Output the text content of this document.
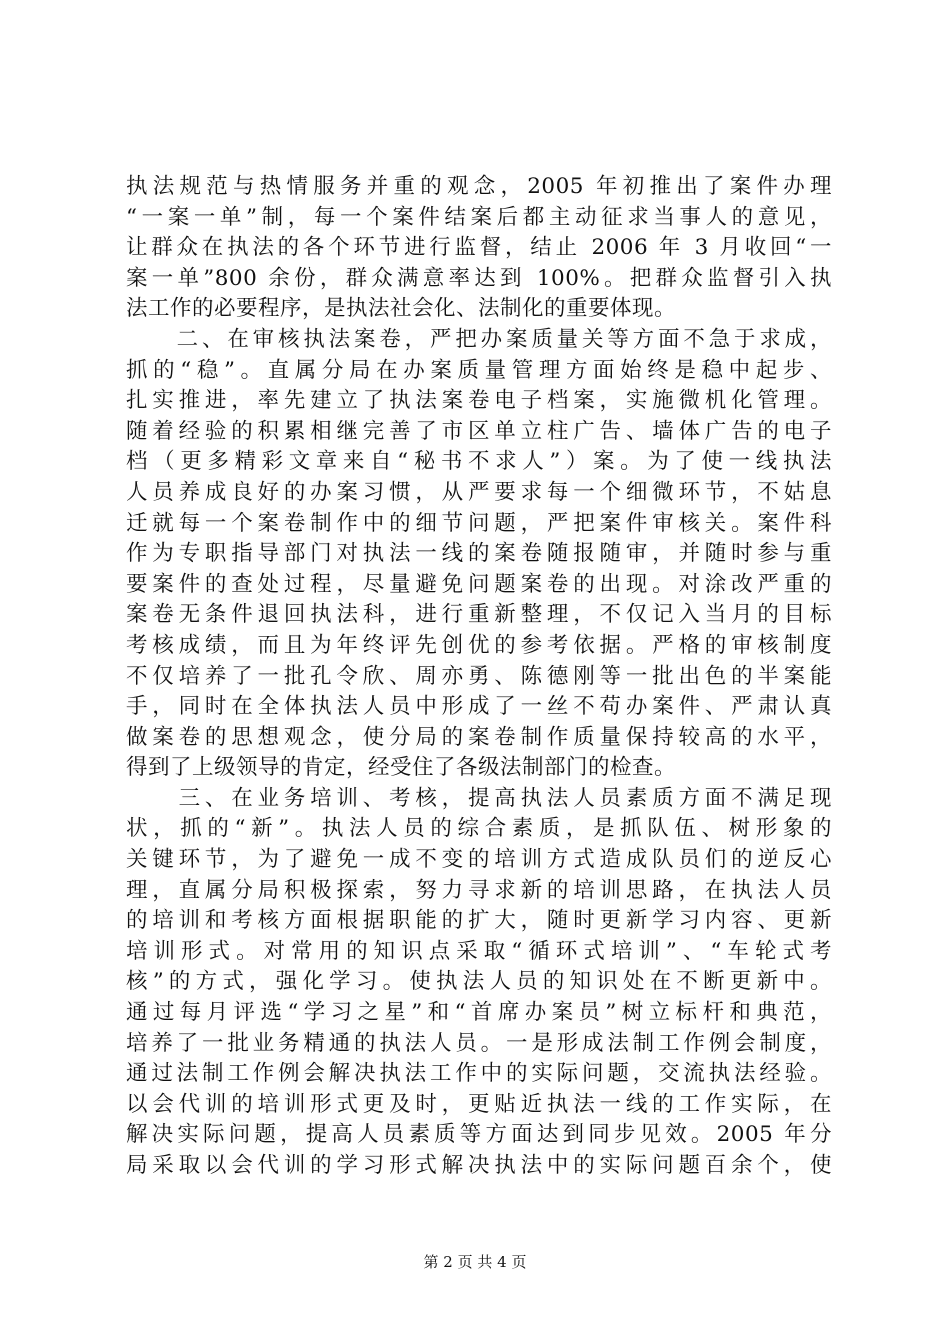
执法规范与热情服务并重的观念，2005 年初推出了案件办理
“一案一单”制，每一个案件结案后都主动征求当事人的意见，
让群众在执法的各个环节进行监督，结止 2006 年 3 月收回“一
案一单”800 余份，群众满意率达到 100%。把群众监督引入执
法工作的必要程序，是执法社会化、法制化的重要体现。
　　二、在审核执法案卷，严把办案质量关等方面不急于求成，
抓的“稳”。直属分局在办案质量管理方面始终是稳中起步、
扎实推进，率先建立了执法案卷电子档案，实施微机化管理。
随着经验的积累相继完善了市区单立柱广告、墙体广告的电子
档（更多精彩文章来自“秘书不求人”）案。为了使一线执法
人员养成良好的办案习惯，从严要求每一个细微环节，不姑息
迁就每一个案卷制作中的细节问题，严把案件审核关。案件科
作为专职指导部门对执法一线的案卷随报随审，并随时参与重
要案件的查处过程，尽量避免问题案卷的出现。对涂改严重的
案卷无条件退回执法科，进行重新整理，不仅记入当月的目标
考核成绩，而且为年终评先创优的参考依据。严格的审核制度
不仅培养了一批孔令欣、周亦勇、陈德刚等一批出色的半案能
手，同时在全体执法人员中形成了一丝不苟办案件、严肃认真
做案卷的思想观念，使分局的案卷制作质量保持较高的水平，
得到了上级领导的肯定，经受住了各级法制部门的检查。
　　三、在业务培训、考核，提高执法人员素质方面不满足现
状，抓的“新”。执法人员的综合素质，是抓队伍、树形象的
关键环节，为了避免一成不变的培训方式造成队员们的逆反心
理，直属分局积极探索，努力寻求新的培训思路，在执法人员
的培训和考核方面根据职能的扩大，随时更新学习内容、更新
培训形式。对常用的知识点采取“循环式培训”、“车轮式考
核”的方式，强化学习。使执法人员的知识处在不断更新中。
通过每月评选“学习之星”和“首席办案员”树立标杆和典范，
培养了一批业务精通的执法人员。一是形成法制工作例会制度，
通过法制工作例会解决执法工作中的实际问题，交流执法经验。
以会代训的培训形式更及时，更贴近执法一线的工作实际，在
解决实际问题，提高人员素质等方面达到同步见效。2005 年分
局采取以会代训的学习形式解决执法中的实际问题百余个，使
第 2 页 共 4 页
